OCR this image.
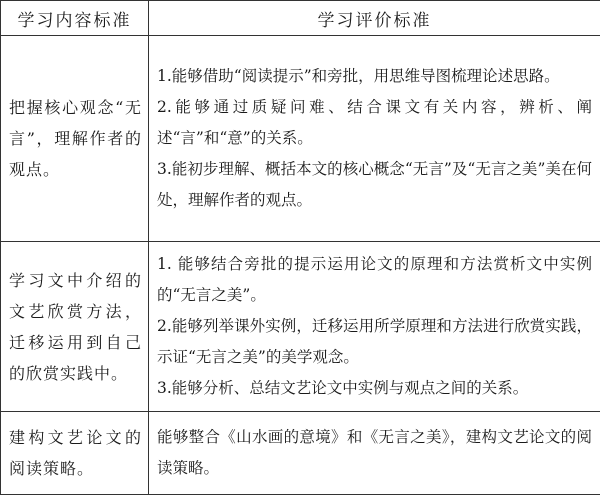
学习内容标准	学习评价标准
把握核心观念“无言”，理解作者的观点。	1.能够借助“阅读提示”和旁批，用思维导图梳理论述思路。

2.能够通过质疑问难、结合课文有关内容，辨析、阐述“言”和“意”的关系。

3.能初步理解、概括本文的核心概念“无言”及“无言之美”美在何处，理解作者的观点。

学习文中介绍的文艺欣赏方法，迁移运用到自己的欣赏实践中。	1. 能够结合旁批的提示运用论文的原理和方法赏析文中实例的“无言之美”。

2.能够列举课外实例，迁移运用所学原理和方法进行欣赏实践，示证“无言之美”的美学观念。

3.能够分析、总结文艺论文中实例与观点之间的关系。

建构文艺论文的阅读策略。	能够整合《山水画的意境》和《无言之美》，建构文艺论文的阅读策略。
